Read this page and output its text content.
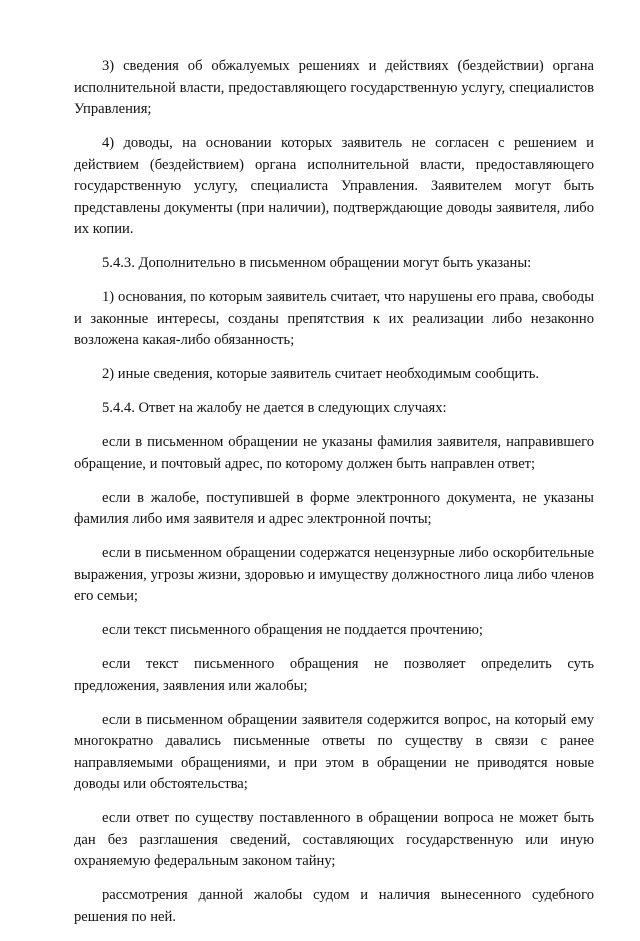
3) сведения об обжалуемых решениях и действиях (бездействии) органа исполнительной власти, предоставляющего государственную услугу, специалистов Управления;

4) доводы, на основании которых заявитель не согласен с решением и действием (бездействием) органа исполнительной власти, предоставляющего государственную услугу, специалиста Управления. Заявителем могут быть представлены документы (при наличии), подтверждающие доводы заявителя, либо их копии.

5.4.3. Дополнительно в письменном обращении могут быть указаны:

1) основания, по которым заявитель считает, что нарушены его права, свободы и законные интересы, созданы препятствия к их реализации либо незаконно возложена какая-либо обязанность;

2) иные сведения, которые заявитель считает необходимым сообщить.

5.4.4. Ответ на жалобу не дается в следующих случаях:

если в письменном обращении не указаны фамилия заявителя, направившего обращение, и почтовый адрес, по которому должен быть направлен ответ;

если в жалобе, поступившей в форме электронного документа, не указаны фамилия либо имя заявителя и адрес электронной почты;

если в письменном обращении содержатся нецензурные либо оскорбительные выражения, угрозы жизни, здоровью и имуществу должностного лица либо членов его семьи;

если текст письменного обращения не поддается прочтению;

если текст письменного обращения не позволяет определить суть предложения, заявления или жалобы;

если в письменном обращении заявителя содержится вопрос, на который ему многократно давались письменные ответы по существу в связи с ранее направляемыми обращениями, и при этом в обращении не приводятся новые доводы или обстоятельства;

если ответ по существу поставленного в обращении вопроса не может быть дан без разглашения сведений, составляющих государственную или иную охраняемую федеральным законом тайну;

рассмотрения данной жалобы судом и наличия вынесенного судебного решения по ней.
